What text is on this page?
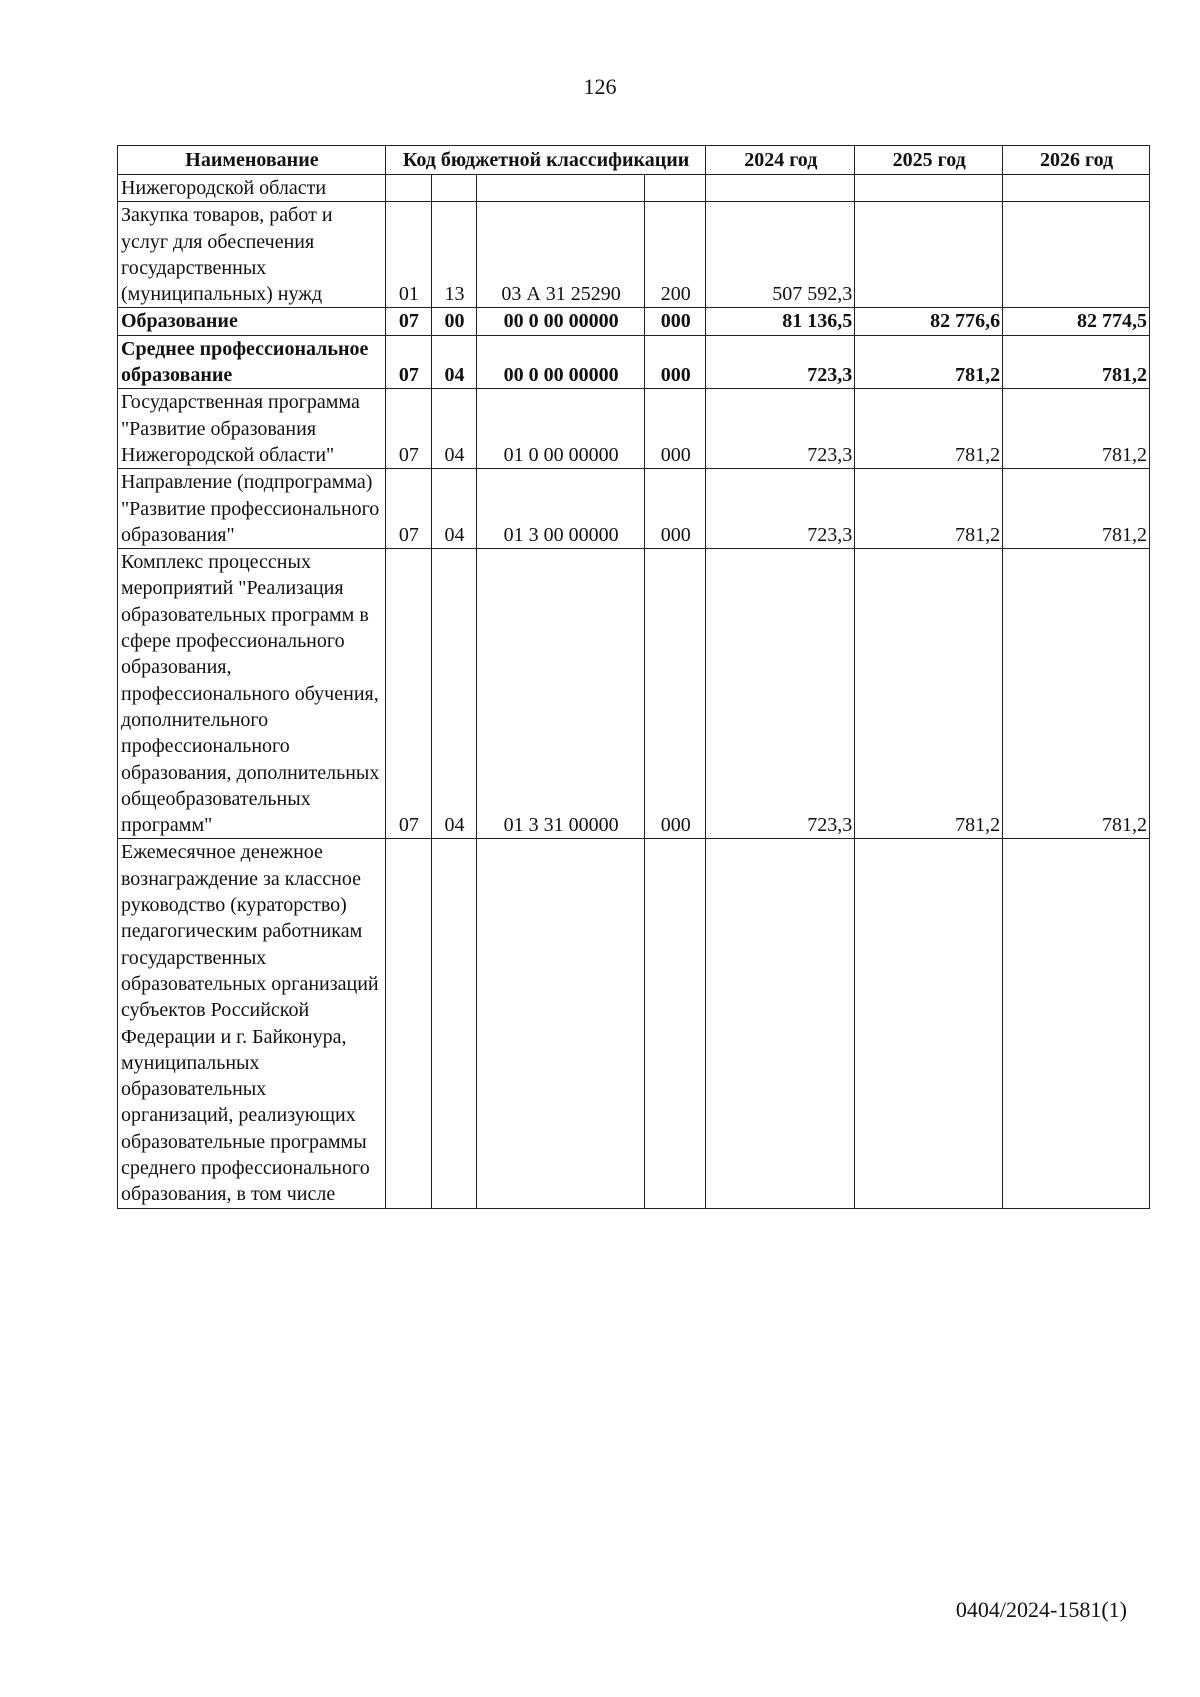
126
Наименование	Код бюджетной классификации				2024 год	2025 год	2026 год
Нижегородской области							
Закупка товаров, работ и услуг для обеспечения государственных (муниципальных) нужд	01	13	03 А 31 25290	200	507 592,3		
Образование	07	00	00 0 00 00000	000	81 136,5	82 776,6	82 774,5
Среднее профессиональное образование	07	04	00 0 00 00000	000	723,3	781,2	781,2
Государственная программа "Развитие образования Нижегородской области"	07	04	01 0 00 00000	000	723,3	781,2	781,2
Направление (подпрограмма) "Развитие профессионального образования"	07	04	01 3 00 00000	000	723,3	781,2	781,2
Комплекс процессных мероприятий "Реализация образовательных программ в сфере профессионального образования, профессионального обучения, дополнительного профессионального образования, дополнительных общеобразовательных программ"	07	04	01 3 31 00000	000	723,3	781,2	781,2
Ежемесячное денежное вознаграждение за классное руководство (кураторство) педагогическим работникам государственных образовательных организаций субъектов Российской Федерации и г. Байконура, муниципальных образовательных организаций, реализующих образовательные программы среднего профессионального образования, в том числе							
0404/2024-1581(1)
